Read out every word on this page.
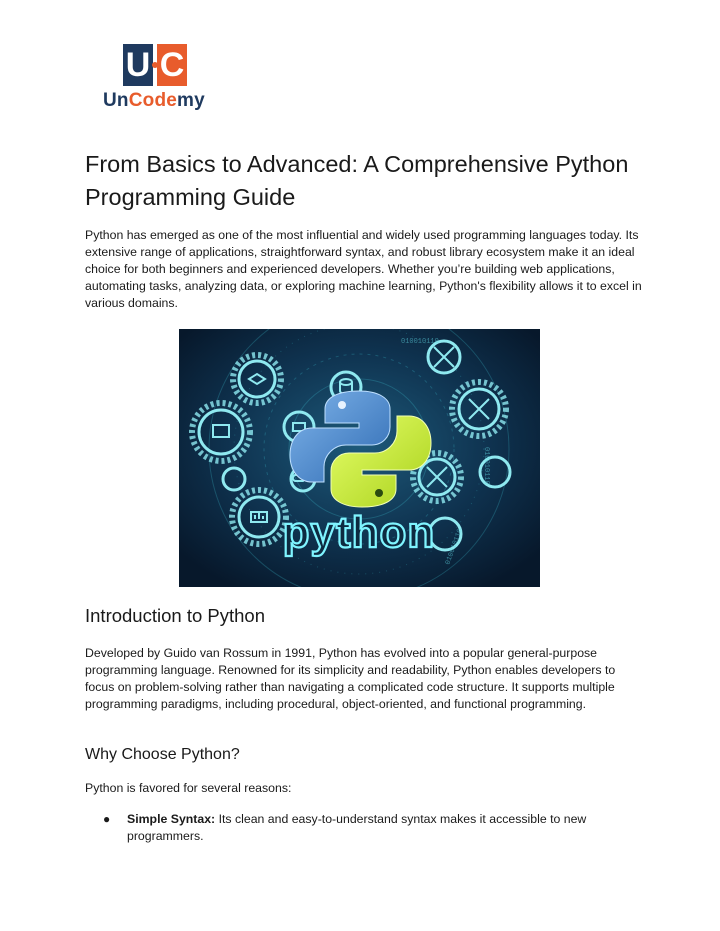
U C
UnCodemy
From Basics to Advanced: A Comprehensive Python Programming Guide

Python has emerged as one of the most influential and widely used programming languages today. Its extensive range of applications, straightforward syntax, and robust library ecosystem make it an ideal choice for both beginners and experienced developers. Whether you’re building web applications, automating tasks, analyzing data, or exploring machine learning, Python's flexibility allows it to excel in various domains.

010010110
010010110
010010110
python
Introduction to Python

Developed by Guido van Rossum in 1991, Python has evolved into a popular general-purpose programming language. Renowned for its simplicity and readability, Python enables developers to focus on problem-solving rather than navigating a complicated code structure. It supports multiple programming paradigms, including procedural, object-oriented, and functional programming.

Why Choose Python?

Python is favored for several reasons:

● Simple Syntax: Its clean and easy-to-understand syntax makes it accessible to new programmers.
